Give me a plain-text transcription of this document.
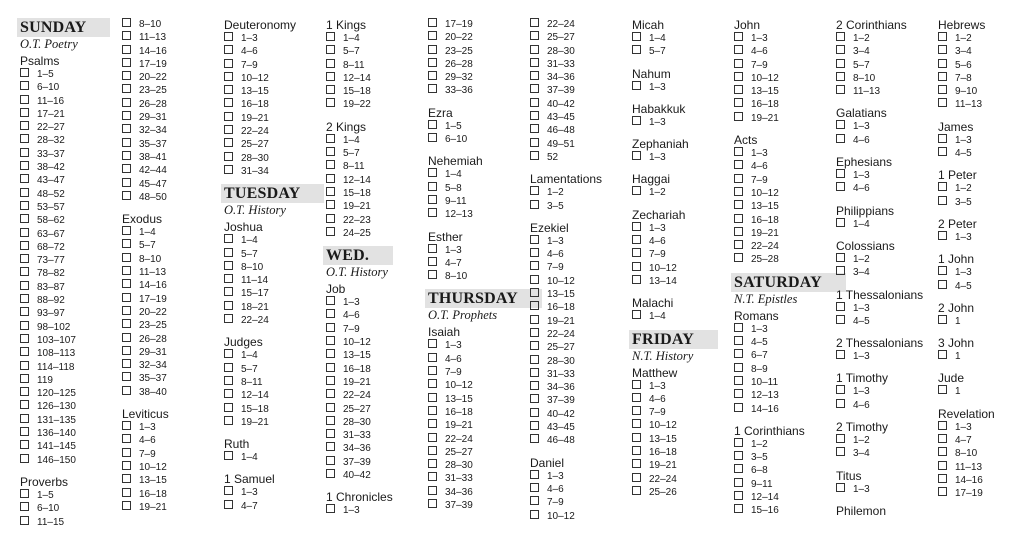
SUNDAY
O.T. Poetry
Psalms
1–5
6–10
11–16
17–21
22–27
28–32
33–37
38–42
43–47
48–52
53–57
58–62
63–67
68–72
73–77
78–82
83–87
88–92
93–97
98–102
103–107
108–113
114–118
119
120–125
126–130
131–135
136–140
141–145
146–150
Proverbs
1–5
6–10
11–15
8–10
11–13
14–16
17–19
20–22
23–25
26–28
29–31
32–34
35–37
38–41
42–44
45–47
48–50
Exodus
1–4
5–7
8–10
11–13
14–16
17–19
20–22
23–25
26–28
29–31
32–34
35–37
38–40
Leviticus
1–3
4–6
7–9
10–12
13–15
16–18
19–21
Deuteronomy
1–3
4–6
7–9
10–12
13–15
16–18
19–21
22–24
25–27
28–30
31–34
TUESDAY
O.T. History
Joshua
1–4
5–7
8–10
11–14
15–17
18–21
22–24
Judges
1–4
5–7
8–11
12–14
15–18
19–21
Ruth
1–4
1 Samuel
1–3
4–7
1 Kings
1–4
5–7
8–11
12–14
15–18
19–22
2 Kings
1–4
5–7
8–11
12–14
15–18
19–21
22–23
24–25
WED.
O.T. History
Job
1–3
4–6
7–9
10–12
13–15
16–18
19–21
22–24
25–27
28–30
31–33
34–36
37–39
40–42
1 Chronicles
1–3
17–19
20–22
23–25
26–28
29–32
33–36
Ezra
1–5
6–10
Nehemiah
1–4
5–8
9–11
12–13
Esther
1–3
4–7
8–10
THURSDAY
O.T. Prophets
Isaiah
1–3
4–6
7–9
10–12
13–15
16–18
19–21
22–24
25–27
28–30
31–33
34–36
37–39
22–24
25–27
28–30
31–33
34–36
37–39
40–42
43–45
46–48
49–51
52
Lamentations
1–2
3–5
Ezekiel
1–3
4–6
7–9
10–12
13–15
16–18
19–21
22–24
25–27
28–30
31–33
34–36
37–39
40–42
43–45
46–48
Daniel
1–3
4–6
7–9
10–12
Micah
1–4
5–7
Nahum
1–3
Habakkuk
1–3
Zephaniah
1–3
Haggai
1–2
Zechariah
1–3
4–6
7–9
10–12
13–14
Malachi
1–4
FRIDAY
N.T. History
Matthew
1–3
4–6
7–9
10–12
13–15
16–18
19–21
22–24
25–26
John
1–3
4–6
7–9
10–12
13–15
16–18
19–21
Acts
1–3
4–6
7–9
10–12
13–15
16–18
19–21
22–24
25–28
SATURDAY
N.T. Epistles
Romans
1–3
4–5
6–7
8–9
10–11
12–13
14–16
1 Corinthians
1–2
3–5
6–8
9–11
12–14
15–16
2 Corinthians
1–2
3–4
5–7
8–10
11–13
Galatians
1–3
4–6
Ephesians
1–3
4–6
Philippians
1–4
Colossians
1–2
3–4
1 Thessalonians
1–3
4–5
2 Thessalonians
1–3
1 Timothy
1–3
4–6
2 Timothy
1–2
3–4
Titus
1–3
Philemon
Hebrews
1–2
3–4
5–6
7–8
9–10
11–13
James
1–3
4–5
1 Peter
1–2
3–5
2 Peter
1–3
1 John
1–3
4–5
2 John
1
3 John
1
Jude
1
Revelation
1–3
4–7
8–10
11–13
14–16
17–19
